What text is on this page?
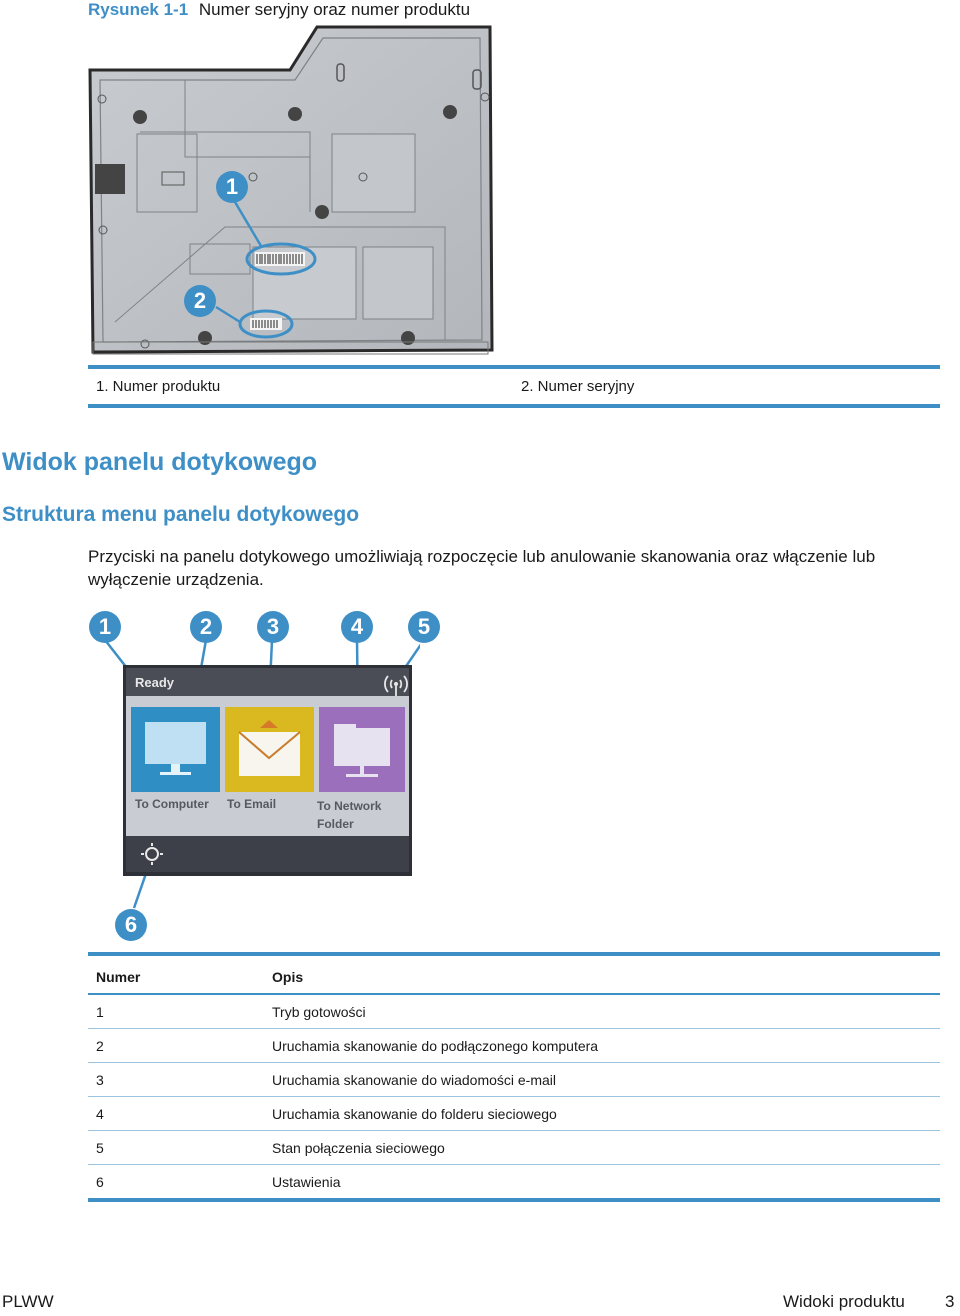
Rysunek 1-1 Numer seryjny oraz numer produktu
1
2
1. Numer produktu	2. Numer seryjny
Widok panelu dotykowego
Struktura menu panelu dotykowego
Przyciski na panelu dotykowego umożliwiają rozpoczęcie lub anulowanie skanowania oraz włączenie lub wyłączenie urządzenia.
1	2	3	4	5
6
Ready
To Computer	To Email	To Network Folder
Numer	Opis
1	Tryb gotowości
2	Uruchamia skanowanie do podłączonego komputera
3	Uruchamia skanowanie do wiadomości e-mail
4	Uruchamia skanowanie do folderu sieciowego
5	Stan połączenia sieciowego
6	Ustawienia
PLWW	Widoki produktu 3
